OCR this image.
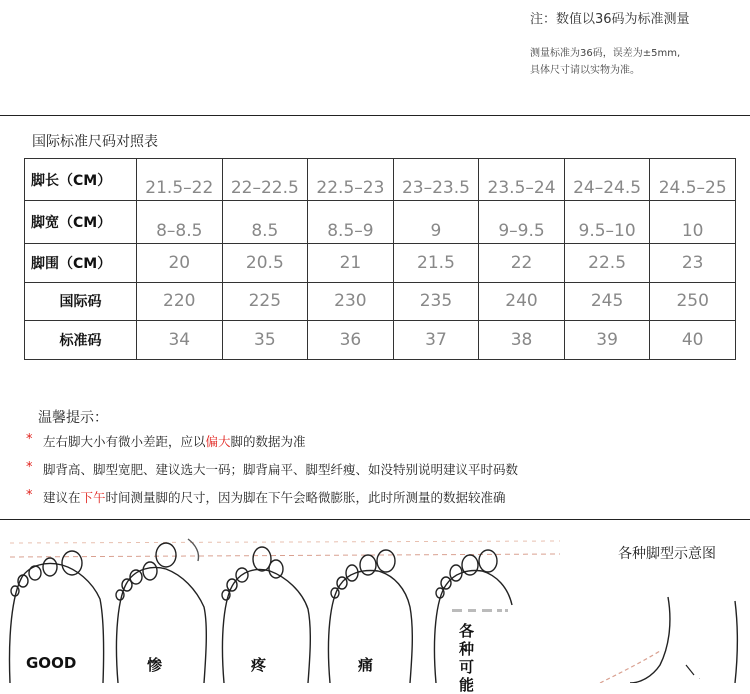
注：数值以36码为标准测量
测量标准为36码，误差为±5mm,
具体尺寸请以实物为准。
国际标准尺码对照表
脚长（CM）	21.5–22	22–22.5	22.5–23	23–23.5	23.5–24	24–24.5	24.5–25
脚宽（CM）	8–8.5	8.5	8.5–9	9	9–9.5	9.5–10	10
脚围（CM）	20	20.5	21	21.5	22	22.5	23
国际码	220	225	230	235	240	245	250
标准码	34	35	36	37	38	39	40
温馨提示：
* 左右脚大小有微小差距，应以偏大脚的数据为准
* 脚背高、脚型宽肥、建议选大一码；脚背扁平、脚型纤瘦、如没特别说明建议平时码数
* 建议在下午时间测量脚的尺寸，因为脚在下午会略微膨胀，此时所测量的数据较准确
·
各种脚型示意图
GOOD	惨	疼	痛
各
种
可
能
